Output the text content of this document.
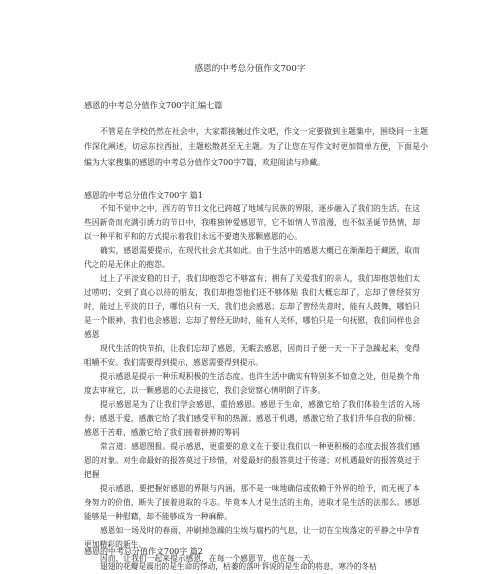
感恩的中考总分值作文700字
感恩的中考总分值作文700字汇编七篇
不管是在学校仍然在社会中，大家都接触过作文吧，作文一定要做到主题集中，围绕同一主题作深化阐述，切忌东拉西扯，主题松散甚至无主题。为了让您在写作文时更加简单方便，下面是小编为大家搜集的感恩的中考总分值作文700字7篇，欢迎阅读与珍藏。
感恩的中考总分值作文700字 篇1

不知不觉中之中，西方的节日文化已跨越了地域与民族的界限，逐步融入了我们的生活。在这些因新奇而充满引诱力的节日中，我唯独钟爱感恩节，它不如情人节浪漫，也不似圣诞节热情，却以一种平和平和的方式提示着我们永远不要遗失那颗感恩的心。

确实，感恩需要提示，在现代社会尤其如此。由于生活中的感恩大概已在渐渐趋于藏匿，取而代之的是无休止的抱怨。

过上了平淡安稳的日子，我们却抱怨它不够富有；拥有了关爱我们的亲人，我们却抱怨他们太过唠叨；交到了真心以待的朋友，我们却抱怨他们还不够体贴 我们大概忘却了，忘却了曾经贫穷时，能过上平淡的日子，哪怕只有一天，我们也会感恩；忘却了曾经失意时，能有人鼓舞，哪怕只是一个眼神，我们也会感恩；忘却了曾经无助时，能有人关怀，哪怕只是一句抚慰，我们同样也会感恩

现代生活的快节拍，让我们忘却了感恩，无暇去感恩，因而日子便一天一下子急躁起来，变得咀嚼不安。我们需要得到提示，感恩需要得到提示。

提示感恩是提示一种乐观积极的生活态度。也许生活中确实有特别多不如意之处，但是换个角度去审视它，以一颗感恩的心去迎接它，我们会觉察心情明朗了许多。

提示感恩是为了让我们学会感恩，重拾感恩。感恩于生命，感激它给了我们体验生活的入场券；感恩于爱，感激它给了我们感受平和的热源；感恩于机遇，感激它给了我们升华自我的阶梯；感恩于苦难，感激它给了我们接着拼搏的筹码

常言道：感恩图报。提示感恩，更重要的意义在于要让我们以一种更积极的态度去报答我们感恩的对象。对生命最好的报答莫过于珍惜，对爱最好的报答莫过于传递；对机遇最好的报答莫过于把握

提示感恩，要把握好感恩的界限与内涵。那不是一味地确信或依赖于外界的给予，而无视了本身努力的价值，断失了接着进取的斗志。毕竟本人才是生活的主角，进取才是生活的法那么。感恩能够是一种慰藉，却不能够成为一种麻醉。

感恩如一场及时的春雨，冲刷掉急躁的尘埃与腐朽的气息，让一切在尘埃落定的平静之中孕育更加精彩的新生。

因而，让我们一起来提示感恩，在每一个感恩节，也在每一天。

感恩的中考总分值作文700字 篇2
翅翅的花瓣是震出的是生命的悸动，枯萎的落叶诉说的是生命的将息，寒冷的冬枯
